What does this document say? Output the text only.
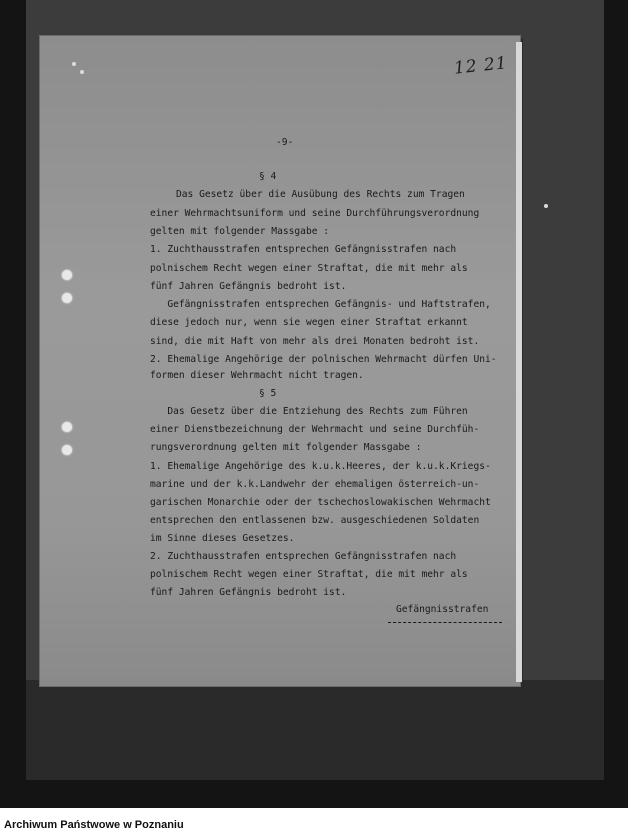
12 21
-9-
§ 4
Das Gesetz über die Ausübung des Rechts zum Tragen
einer Wehrmachtsuniform und seine Durchführungsverordnung
gelten mit folgender Massgabe :
1. Zuchthausstrafen entsprechen Gefängnisstrafen nach
polnischem Recht wegen einer Straftat, die mit mehr als
fünf Jahren Gefängnis bedroht ist.
Gefängnisstrafen entsprechen Gefängnis- und Haftstrafen,
diese jedoch nur, wenn sie wegen einer Straftat erkannt
sind, die mit Haft von mehr als drei Monaten bedroht ist.
2. Ehemalige Angehörige der polnischen Wehrmacht dürfen Uni-
formen dieser Wehrmacht nicht tragen.
§ 5
Das Gesetz über die Entziehung des Rechts zum Führen
einer Dienstbezeichnung der Wehrmacht und seine Durchfüh-
rungsverordnung gelten mit folgender Massgabe :
1. Ehemalige Angehörige des k.u.k.Heeres, der k.u.k.Kriegs-
marine und der k.k.Landwehr der ehemaligen österreich-un-
garischen Monarchie oder der tschechoslowakischen Wehrmacht
entsprechen den entlassenen bzw. ausgeschiedenen Soldaten
im Sinne dieses Gesetzes.
2. Zuchthausstrafen entsprechen Gefängnisstrafen nach
polnischem Recht wegen einer Straftat, die mit mehr als
fünf Jahren Gefängnis bedroht ist.
Gefängnisstrafen
Archiwum Państwowe w Poznaniu
